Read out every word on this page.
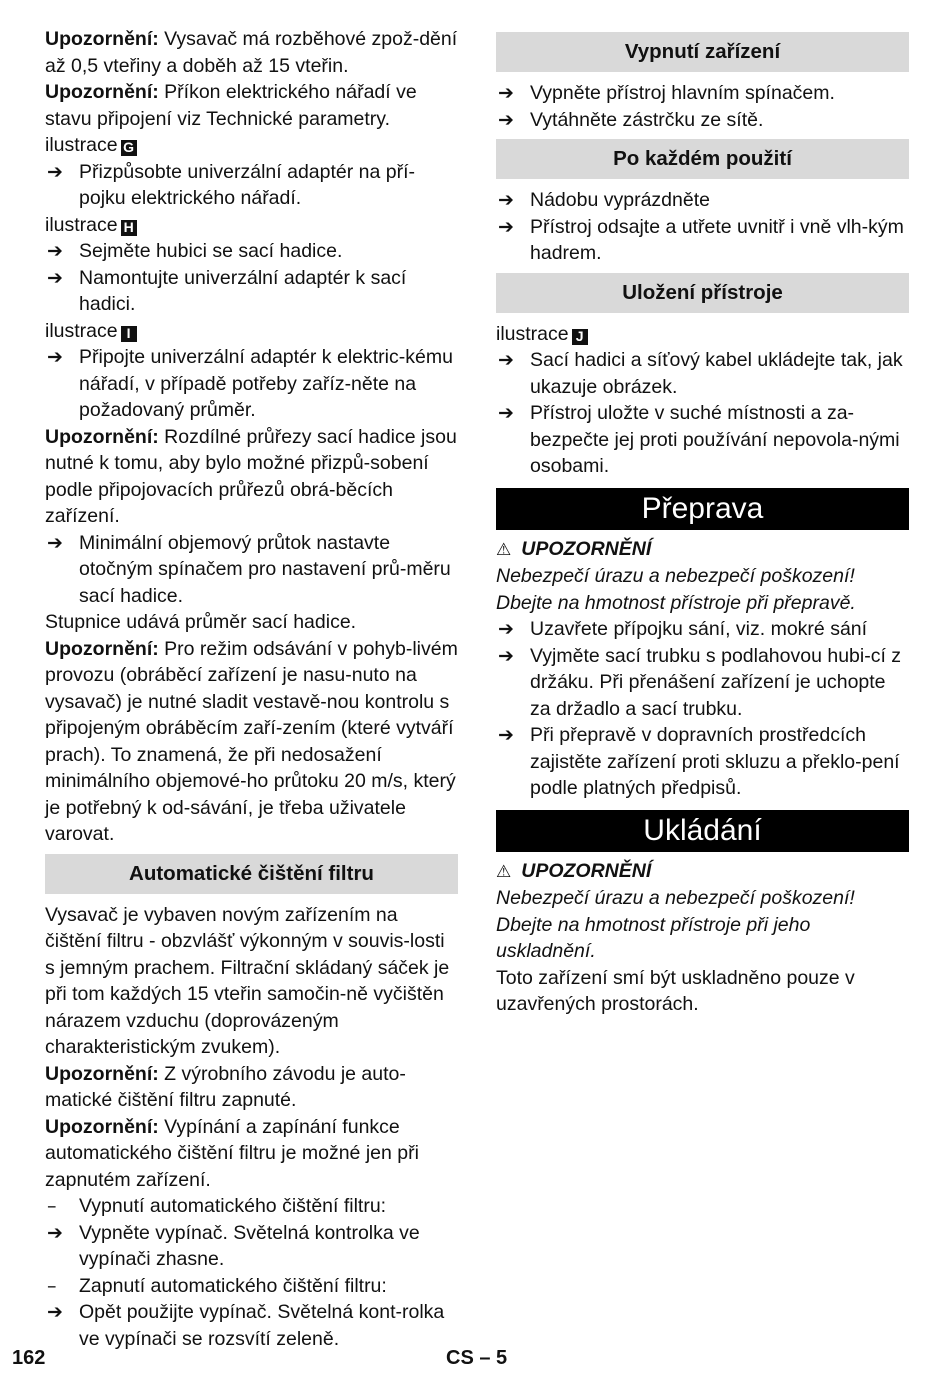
Upozornění: Vysavač má rozběhové zpož-dění až 0,5 vteřiny a doběh až 15 vteřin.

Upozornění: Příkon elektrického nářadí ve stavu připojení viz Technické parametry.

ilustrace G

➔ Přizpůsobte univerzální adaptér na pří-pojku elektrického nářadí.

ilustrace H

➔ Sejměte hubici se sací hadice.
➔ Namontujte univerzální adaptér k sací hadici.

ilustrace I

➔ Připojte univerzální adaptér k elektric-kému nářadí, v případě potřeby zaříz-něte na požadovaný průměr.

Upozornění: Rozdílné průřezy sací hadice jsou nutné k tomu, aby bylo možné přizpů-sobení podle připojovacích průřezů obrá-běcích zařízení.

➔ Minimální objemový průtok nastavte otočným spínačem pro nastavení prů-měru sací hadice.

Stupnice udává průměr sací hadice.

Upozornění: Pro režim odsávání v pohyb-livém provozu (obráběcí zařízení je nasu-nuto na vysavač) je nutné sladit vestavě-nou kontrolu s připojeným obráběcím zaří-zením (které vytváří prach). To znamená, že při nedosažení minimálního objemové-ho průtoku 20 m/s, který je potřebný k od-sávání, je třeba uživatele varovat.

Automatické čištění filtru

Vysavač je vybaven novým zařízením na čištění filtru - obzvlášť výkonným v souvis-losti s jemným prachem. Filtrační skládaný sáček je při tom každých 15 vteřin samočin-ně vyčištěn nárazem vzduchu (doprovázeným charakteristickým zvukem).

Upozornění: Z výrobního závodu je auto-matické čištění filtru zapnuté.

Upozornění: Vypínání a zapínání funkce automatického čištění filtru je možné jen při zapnutém zařízení.

– Vypnutí automatického čištění filtru:
➔ Vypněte vypínač. Světelná kontrolka ve vypínači zhasne.
– Zapnutí automatického čištění filtru:
➔ Opět použijte vypínač. Světelná kont-rolka ve vypínači se rozsvítí zeleně.
Vypnutí zařízení
➔ Vypněte přístroj hlavním spínačem.
➔ Vytáhněte zástrčku ze sítě.
Po každém použití
➔ Nádobu vyprázdněte
➔ Přístroj odsajte a utřete uvnitř i vně vlh-kým hadrem.
Uložení přístroje

ilustrace J

➔ Sací hadici a síťový kabel ukládejte tak, jak ukazuje obrázek.
➔ Přístroj uložte v suché místnosti a za-bezpečte jej proti používání nepovola-nými osobami.
Přeprava

⚠ UPOZORNĚNÍ

Nebezpečí úrazu a nebezpečí poškození! Dbejte na hmotnost přístroje při přepravě.

➔ Uzavřete přípojku sání, viz. mokré sání
➔ Vyjměte sací trubku s podlahovou hubi-cí z držáku. Při přenášení zařízení je uchopte za držadlo a sací trubku.
➔ Při přepravě v dopravních prostředcích zajistěte zařízení proti skluzu a překlo-pení podle platných předpisů.
Ukládání

⚠ UPOZORNĚNÍ

Nebezpečí úrazu a nebezpečí poškození! Dbejte na hmotnost přístroje při jeho uskladnění.

Toto zařízení smí být uskladněno pouze v uzavřených prostorách.

162	CS – 5
